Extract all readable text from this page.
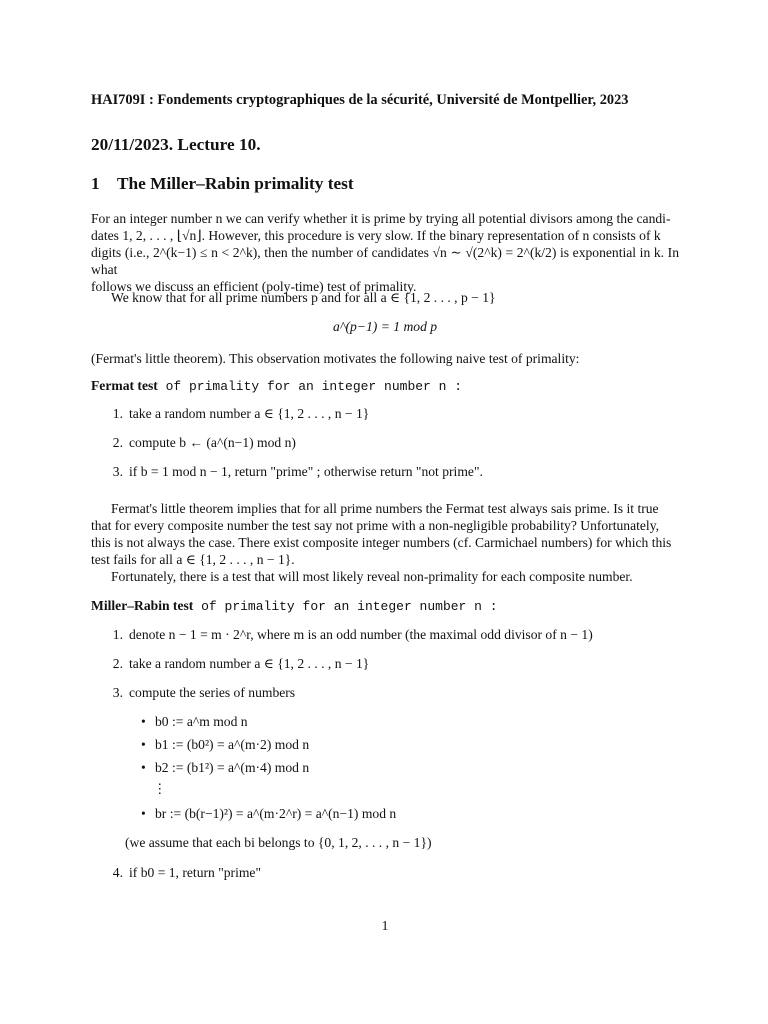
HAI709I : Fondements cryptographiques de la sécurité, Université de Montpellier, 2023
20/11/2023. Lecture 10.
1 The Miller–Rabin primality test
For an integer number n we can verify whether it is prime by trying all potential divisors among the candi-
dates 1, 2, . . . , ⌊√n⌋. However, this procedure is very slow. If the binary representation of n consists of k
digits (i.e., 2^(k−1) ≤ n < 2^k), then the number of candidates √n ∼ √(2^k) = 2^(k/2) is exponential in k. In what
follows we discuss an efficient (poly-time) test of primality.
We know that for all prime numbers p and for all a ∈ {1, 2 . . . , p − 1}
a^(p−1) = 1 mod p
(Fermat's little theorem). This observation motivates the following naive test of primality:
Fermat test of primality for an integer number n :
1. take a random number a ∈ {1, 2 . . . , n − 1}
2. compute b ← (a^(n−1) mod n)
3. if b = 1 mod n − 1, return "prime" ; otherwise return "not prime".
Fermat's little theorem implies that for all prime numbers the Fermat test always sais prime. Is it true
that for every composite number the test say not prime with a non-negligible probability? Unfortunately,
this is not always the case. There exist composite integer numbers (cf. Carmichael numbers) for which this
test fails for all a ∈ {1, 2 . . . , n − 1}.
Fortunately, there is a test that will most likely reveal non-primality for each composite number.
Miller–Rabin test of primality for an integer number n :
1. denote n − 1 = m · 2^r, where m is an odd number (the maximal odd divisor of n − 1)
2. take a random number a ∈ {1, 2 . . . , n − 1}
3. compute the series of numbers
• b0 := a^m mod n
• b1 := (b0²) = a^(m·2) mod n
• b2 := (b1²) = a^(m·4) mod n
⋮
• br := (b(r−1)²) = a^(m·2^r) = a^(n−1) mod n
(we assume that each bi belongs to {0, 1, 2, . . . , n − 1})
4. if b0 = 1, return "prime"
1
